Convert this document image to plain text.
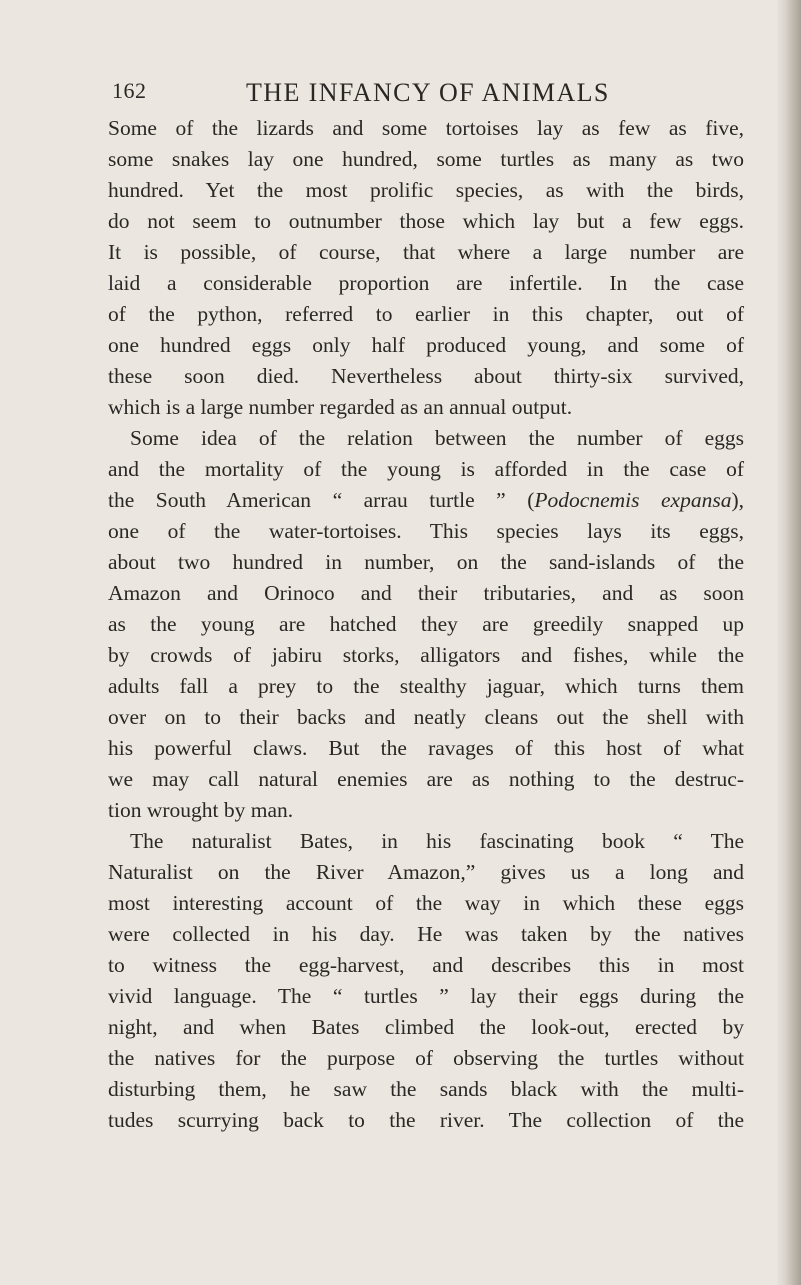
162	THE INFANCY OF ANIMALS
Some of the lizards and some tortoises lay as few as five,
some snakes lay one hundred, some turtles as many as two
hundred. Yet the most prolific species, as with the birds,
do not seem to outnumber those which lay but a few eggs.
It is possible, of course, that where a large number are
laid a considerable proportion are infertile. In the case
of the python, referred to earlier in this chapter, out of
one hundred eggs only half produced young, and some of
these soon died. Nevertheless about thirty-six survived,
which is a large number regarded as an annual output.
Some idea of the relation between the number of eggs
and the mortality of the young is afforded in the case of
the South American “ arrau turtle ” (Podocnemis expansa),
one of the water-tortoises. This species lays its eggs,
about two hundred in number, on the sand-islands of the
Amazon and Orinoco and their tributaries, and as soon
as the young are hatched they are greedily snapped up
by crowds of jabiru storks, alligators and fishes, while the
adults fall a prey to the stealthy jaguar, which turns them
over on to their backs and neatly cleans out the shell with
his powerful claws. But the ravages of this host of what
we may call natural enemies are as nothing to the destruc-
tion wrought by man.
The naturalist Bates, in his fascinating book “ The
Naturalist on the River Amazon,” gives us a long and
most interesting account of the way in which these eggs
were collected in his day. He was taken by the natives
to witness the egg-harvest, and describes this in most
vivid language. The “ turtles ” lay their eggs during the
night, and when Bates climbed the look-out, erected by
the natives for the purpose of observing the turtles without
disturbing them, he saw the sands black with the multi-
tudes scurrying back to the river. The collection of the
